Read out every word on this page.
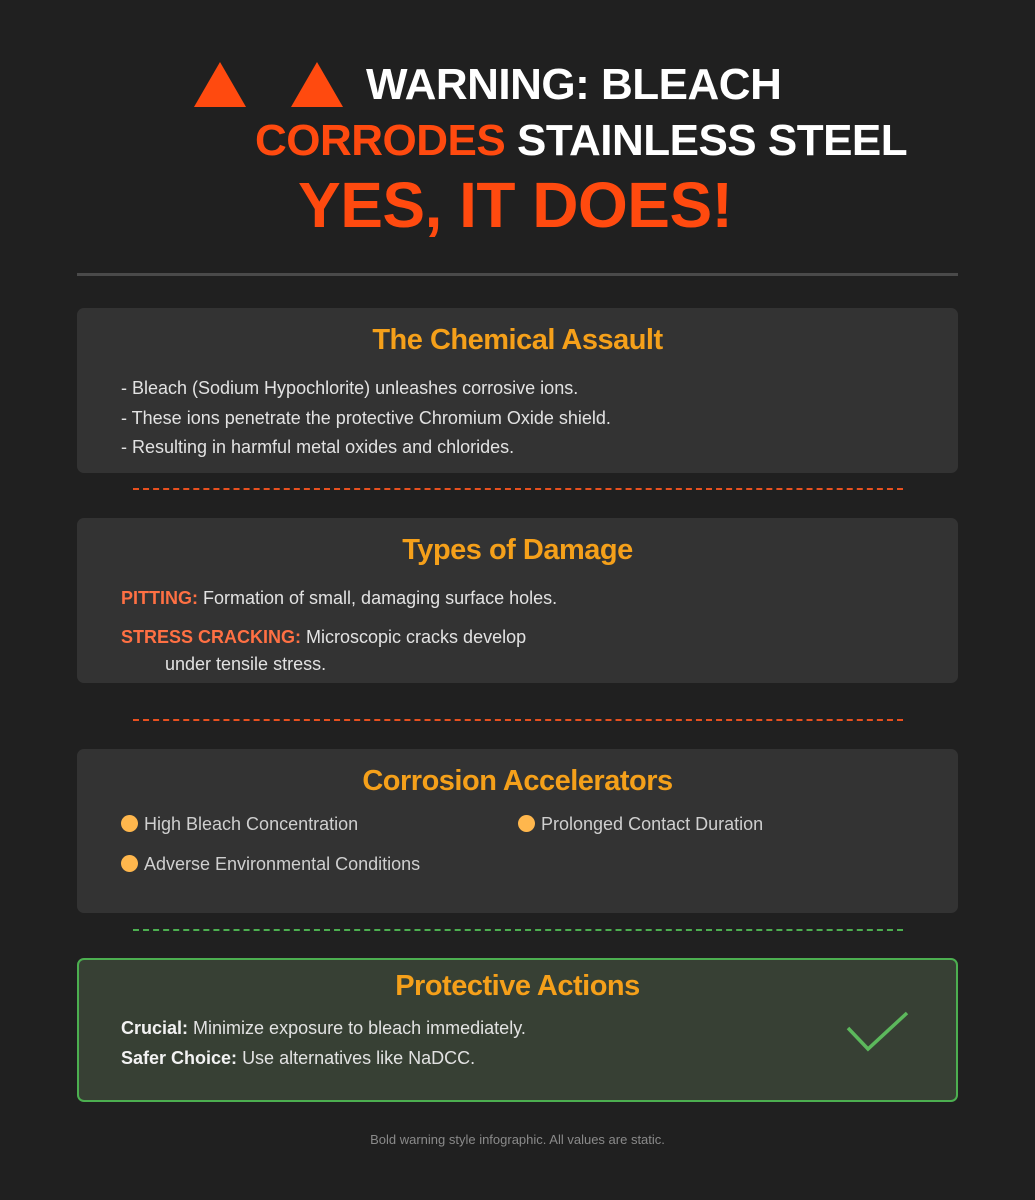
WARNING: BLEACH
CORRODES STAINLESS STEEL
YES, IT DOES!
The Chemical Assault
- Bleach (Sodium Hypochlorite) unleashes corrosive ions.
- These ions penetrate the protective Chromium Oxide shield.
- Resulting in harmful metal oxides and chlorides.
Types of Damage
PITTING: Formation of small, damaging surface holes.
STRESS CRACKING: Microscopic cracks develop
under tensile stress.
Corrosion Accelerators
High Bleach Concentration	Prolonged Contact Duration
Adverse Environmental Conditions
Protective Actions
Crucial: Minimize exposure to bleach immediately.
Safer Choice: Use alternatives like NaDCC.
Bold warning style infographic. All values are static.
